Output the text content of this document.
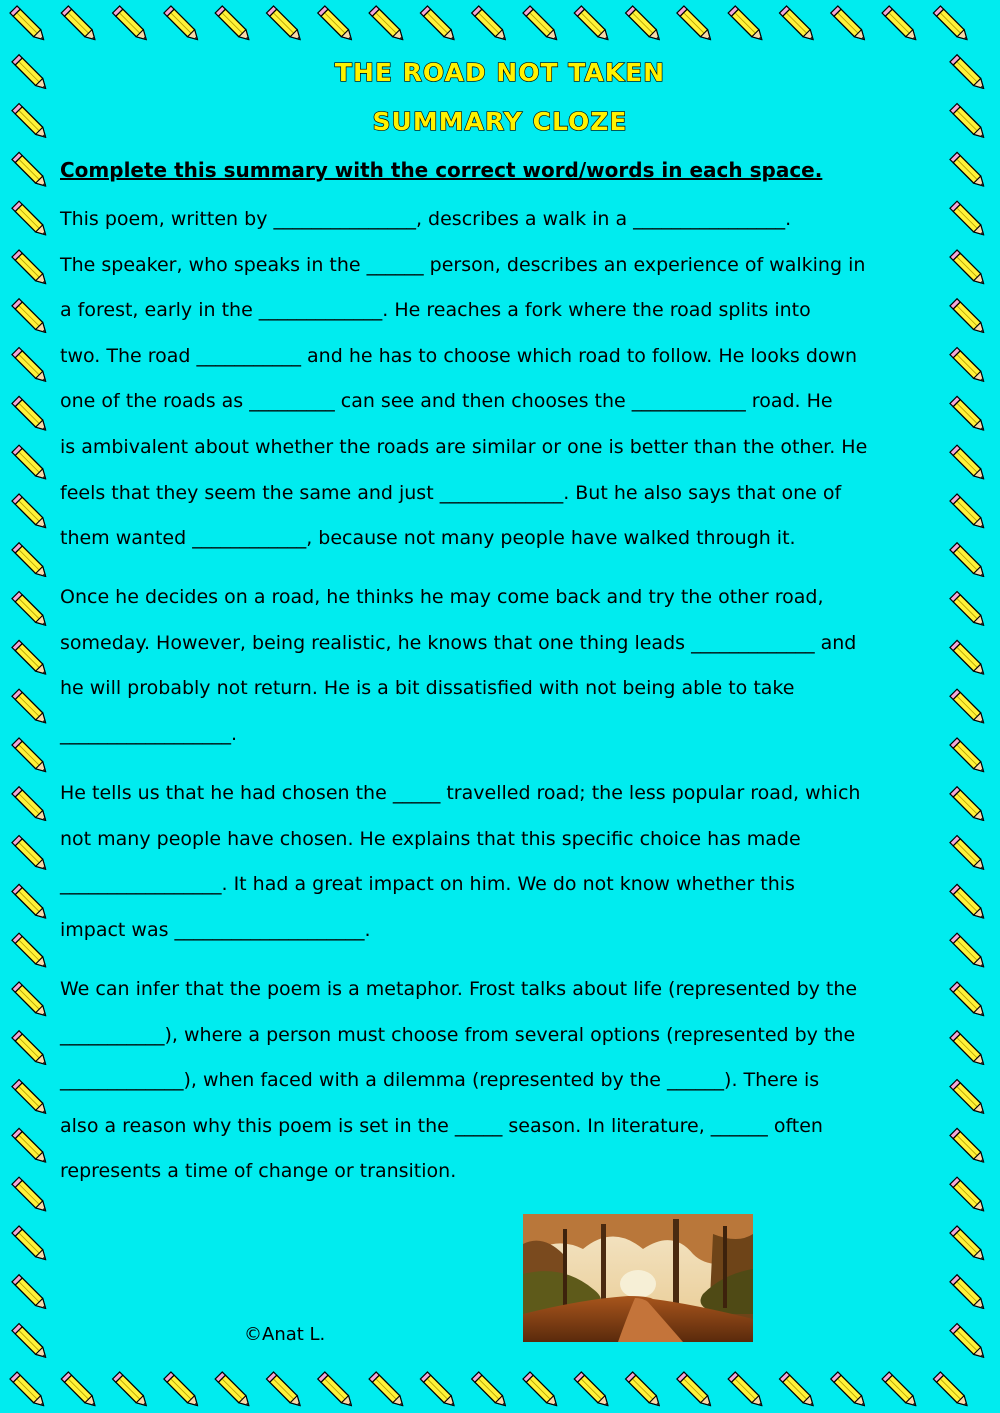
THE ROAD NOT TAKEN
SUMMARY CLOZE

Complete this summary with the correct word/words in each space.

This poem, written by _______________, describes a walk in a ________________.
The speaker, who speaks in the ______ person, describes an experience of walking in
a forest, early in the _____________. He reaches a fork where the road splits into
two. The road ___________ and he has to choose which road to follow. He looks down
one of the roads as _________ can see and then chooses the ____________ road. He
is ambivalent about whether the roads are similar or one is better than the other. He
feels that they seem the same and just _____________. But he also says that one of
them wanted ____________, because not many people have walked through it.
Once he decides on a road, he thinks he may come back and try the other road,
someday. However, being realistic, he knows that one thing leads _____________ and
he will probably not return. He is a bit dissatisfied with not being able to take
__________________.
He tells us that he had chosen the _____ travelled road; the less popular road, which
not many people have chosen. He explains that this specific choice has made
_________________. It had a great impact on him. We do not know whether this
impact was ____________________.
We can infer that the poem is a metaphor. Frost talks about life (represented by the
___________), where a person must choose from several options (represented by the
_____________), when faced with a dilemma (represented by the ______). There is
also a reason why this poem is set in the _____ season. In literature, ______ often
represents a time of change or transition.

©Anat L.
